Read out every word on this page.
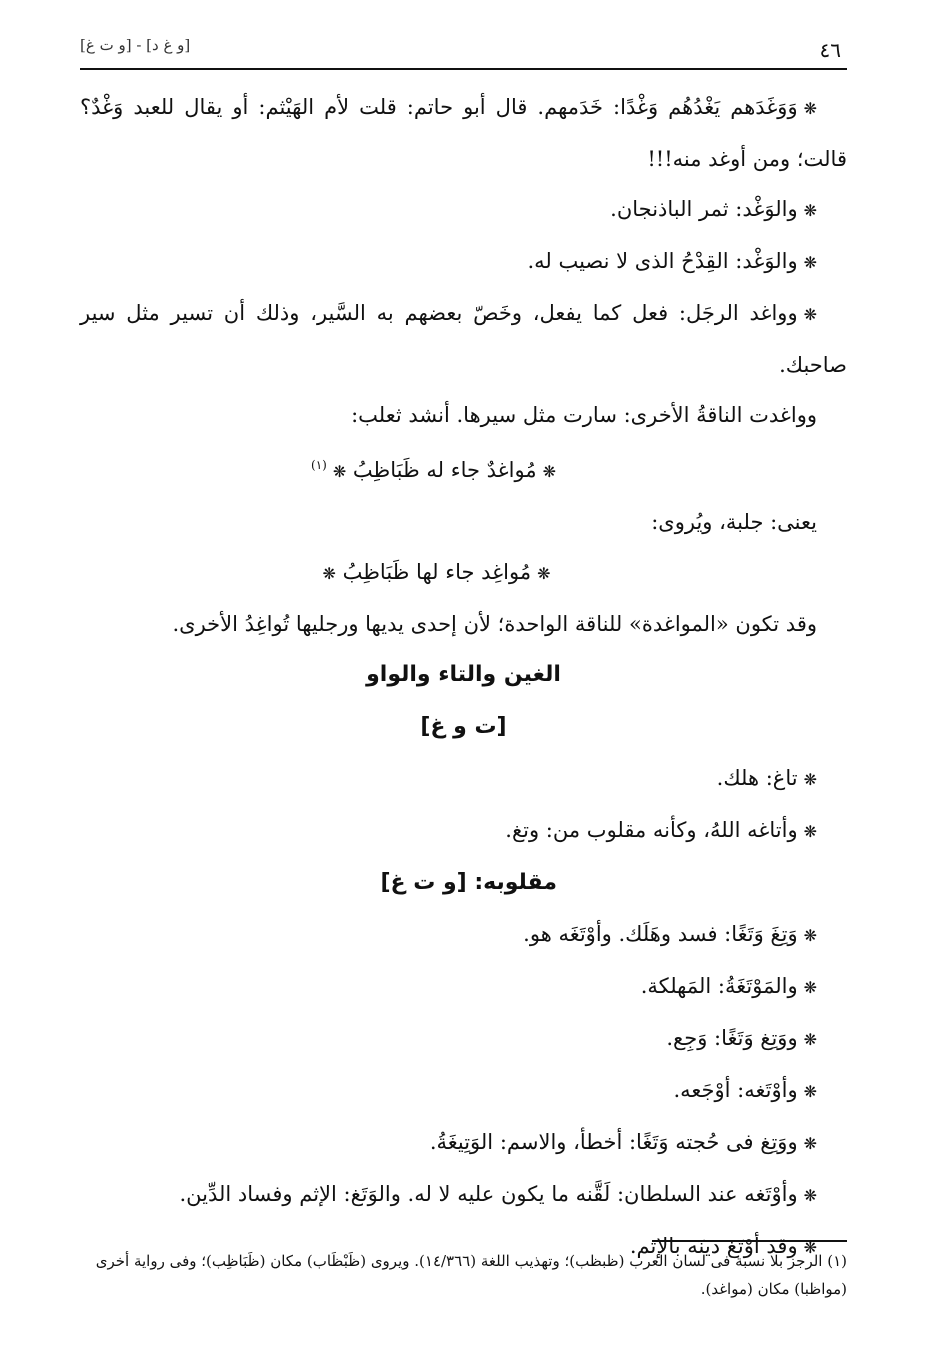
٤٦
[و غ د] - [و ت غ]

❋وَوَغَدَهم يَغْدُهُم وَغْدًا: خَدَمهم. قال أبو حاتم: قلت لأم الهَيْثم: أو يقال للعبد وَغْدٌ؟ قالت؛ ومن أوغد منه!!!

❋والوَغْد: ثمر الباذنجان.

❋والوَغْد: القِدْحُ الذى لا نصيب له.

❋وواغد الرجَل: فعل كما يفعل، وخَصّ بعضهم به السَّير، وذلك أن تسير مثل سير صاحبك.

وواغدت الناقةُ الأخرى: سارت مثل سيرها. أنشد ثعلب:

❋مُواغدٌ جاء له ظَبَاظِبُ ❋$^{(١)}$

يعنى: جلبة، ويُروى:

❋مُواغِد جاء لها ظَبَاظِبُ ❋

وقد تكون «المواغدة» للناقة الواحدة؛ لأن إحدى يديها ورجليها تُواغِدُ الأخرى.

الغين والتاء والواو

[ت و غ]

❋تاغ: هلك.

❋وأتاغه اللهُ، وكأنه مقلوب من: وتغ.

مقلوبه: [و ت غ]

❋وَتِغَ وَتَغًا: فسد وهَلَك. وأوْتَغَه هو.

❋والمَوْتَغَةُ: المَهلكة.

❋ووَتِغ وَتَغًا: وَجِع.

❋وأوْتَغه: أوْجَعه.

❋ووَتِغ فى حُجته وَتَغًا: أخطأ، والاسم: الوَتِيغَةُ.

❋وأوْتَغه عند السلطان: لَقَّنه ما يكون عليه لا له. والوَتَغ: الإثم وفساد الدِّين.

❋وقد أوْتَغ دينَه بالإثم.

(١) الرجز بلا نسبة فى لسان العرب (ظبظب)؛ وتهذيب اللغة (١٤/٣٦٦). ويروى (ظَبْظَاب) مكان (ظَبَاظِب)؛ وفى رواية أخرى (مواظبا) مكان (مواغد).
